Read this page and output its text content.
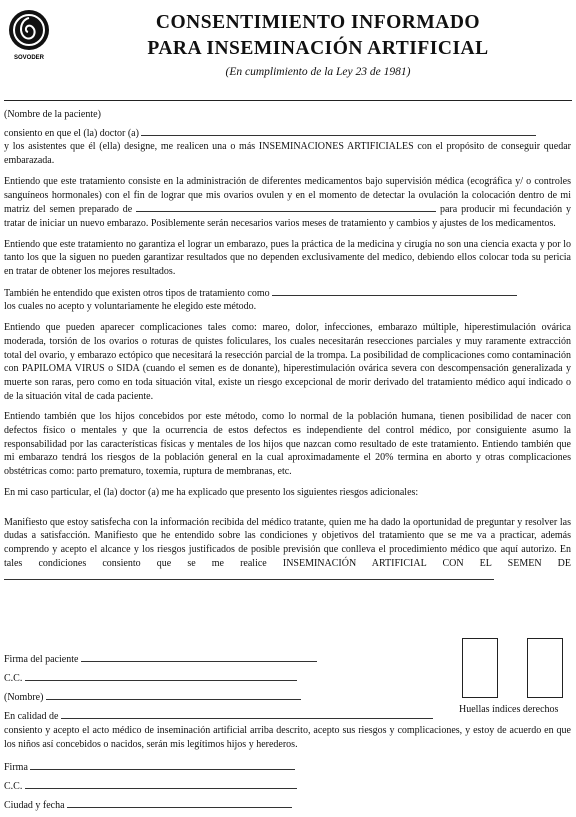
SOVODER
CONSENTIMIENTO INFORMADO
PARA INSEMINACIÓN ARTIFICIAL
(En cumplimiento de la Ley 23 de 1981)

(Nombre de la paciente)

consiento en que el (la) doctor (a)
y los asistentes que él (ella) designe, me realicen una o más INSEMINACIONES ARTIFICIALES con el propósito de conseguir quedar embarazada.

Entiendo que este tratamiento consiste en la administración de diferentes medicamentos bajo supervisión médica (ecográfica y/ o controles sanguíneos hormonales) con el fin de lograr que mis ovarios ovulen y en el momento de detectar la ovulación la colocación dentro de mi matriz del semen preparado de	para producir mi fecundación y tratar de iniciar un nuevo embarazo. Posiblemente serán necesarios varios meses de tratamiento y cambios y ajustes de los medicamentos.

Entiendo que este tratamiento no garantiza el lograr un embarazo, pues la práctica de la medicina y cirugía no son una ciencia exacta y por lo tanto los que la siguen no pueden garantizar resultados que no dependen exclusivamente del medico, debiendo ellos colocar toda su pericia en tratar de obtener los mejores resultados.

También he entendido que existen otros tipos de tratamiento como
los cuales no acepto y voluntariamente he elegido este método.

Entiendo que pueden aparecer complicaciones tales como: mareo, dolor, infecciones, embarazo múltiple, hiperestimulación ovárica moderada, torsión de los ovarios o roturas de quistes foliculares, los cuales necesitarán resecciones parciales y muy raramente extracción total del ovario, y embarazo ectópico que necesitará la resección parcial de la trompa. La posibilidad de complicaciones como contaminación con PAPILOMA VIRUS o SIDA (cuando el semen es de donante), hiperestimulación ovárica severa con descompensación generalizada y muerte son raras, pero como en toda situación vital, existe un riesgo excepcional de morir derivado del tratamiento médico aquí indicado o de la situación vital de cada paciente.

Entiendo también que los hijos concebidos por este método, como lo normal de la población humana, tienen posibilidad de nacer con defectos físico o mentales y que la ocurrencia de estos defectos es independiente del control médico, por consiguiente asumo la responsabilidad por las características físicas y mentales de los hijos que nazcan como resultado de este tratamiento. Entiendo también que mi embarazo tendrá los riesgos de la población general en la cual aproximadamente el 20% termina en aborto y otras complicaciones obstétricas como: parto prematuro, toxemia, ruptura de membranas, etc.

En mi caso particular, el (la) doctor (a) me ha explicado que presento los siguientes riesgos adicionales:

Manifiesto que estoy satisfecha con la información recibida del médico tratante, quien me ha dado la oportunidad de preguntar y resolver las dudas a satisfacción. Manifiesto que he entendido sobre las condiciones y objetivos del tratamiento que se me va a practicar, además comprendo y acepto el alcance y los riesgos justificados de posible previsión que conlleva el procedimiento médico que aquí autorizo. En tales condiciones consiento que se me realice INSEMINACIÓN ARTIFICIAL CON EL SEMEN DE

Firma del paciente
C.C.
(Nombre)
En calidad de
Huellas índices derechos
consiento y acepto el acto médico de inseminación artificial arriba descrito, acepto sus riesgos y complicaciones, y estoy de acuerdo en que los niños así concebidos o nacidos, serán mis legítimos hijos y herederos.
Firma
C.C.
Ciudad y fecha
